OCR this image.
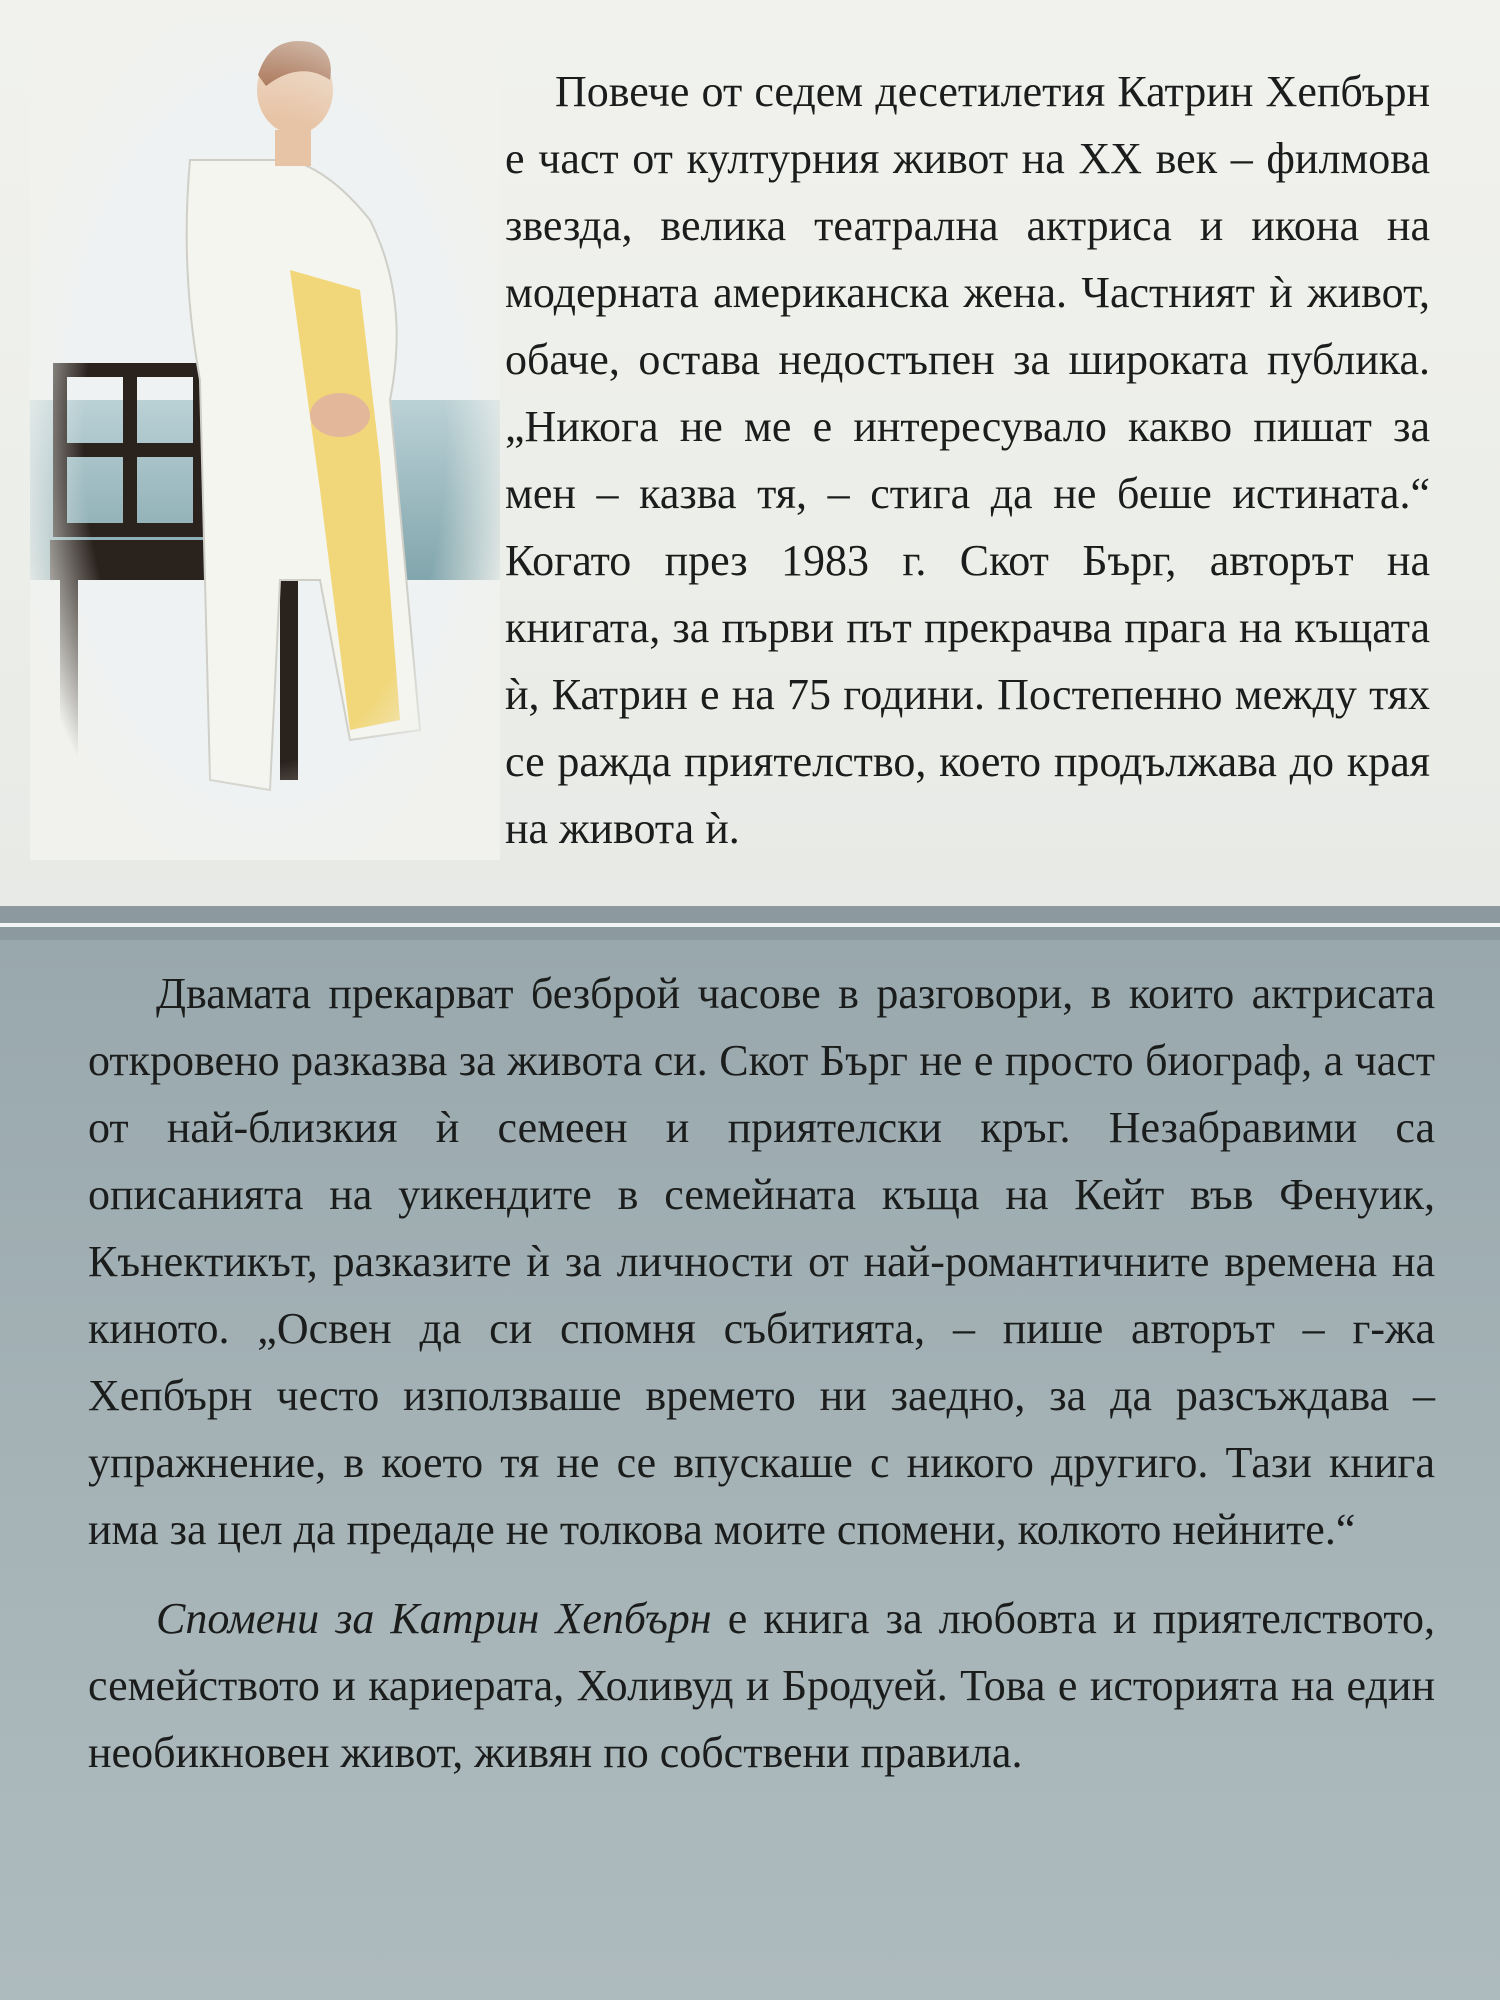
Повече от седем десетилетия Катрин Хепбърн е част от културния живот на XX век – филмова звезда, велика театрална актриса и икона на модерната американска жена. Частният ѝ живот, обаче, остава недостъпен за широката публика. „Никога не ме е интересувало какво пишат за мен – казва тя, – стига да не беше истината.“ Когато през 1983 г. Скот Бърг, авторът на книгата, за първи път прекрачва прага на къщата ѝ, Катрин е на 75 години. Постепенно между тях се ражда приятелство, което продължава до края на живота ѝ.

Двамата прекарват безброй часове в разговори, в които актрисата откровено разказва за живота си. Скот Бърг не е просто биограф, а част от най-близкия ѝ семеен и приятелски кръг. Незабравими са описанията на уикендите в семейната къща на Кейт във Фенуик, Кънектикът, разказите ѝ за личности от най-романтичните времена на киното. „Освен да си спомня събитията, – пише авторът – г-жа Хепбърн често използваше времето ни заедно, за да разсъждава – упражнение, в което тя не се впускаше с никого другиго. Тази книга има за цел да предаде не толкова моите спомени, колкото нейните.“

Спомени за Катрин Хепбърн е книга за любовта и приятелството, семейството и кариерата, Холивуд и Бродуей. Това е историята на един необикновен живот, живян по собствени правила.
